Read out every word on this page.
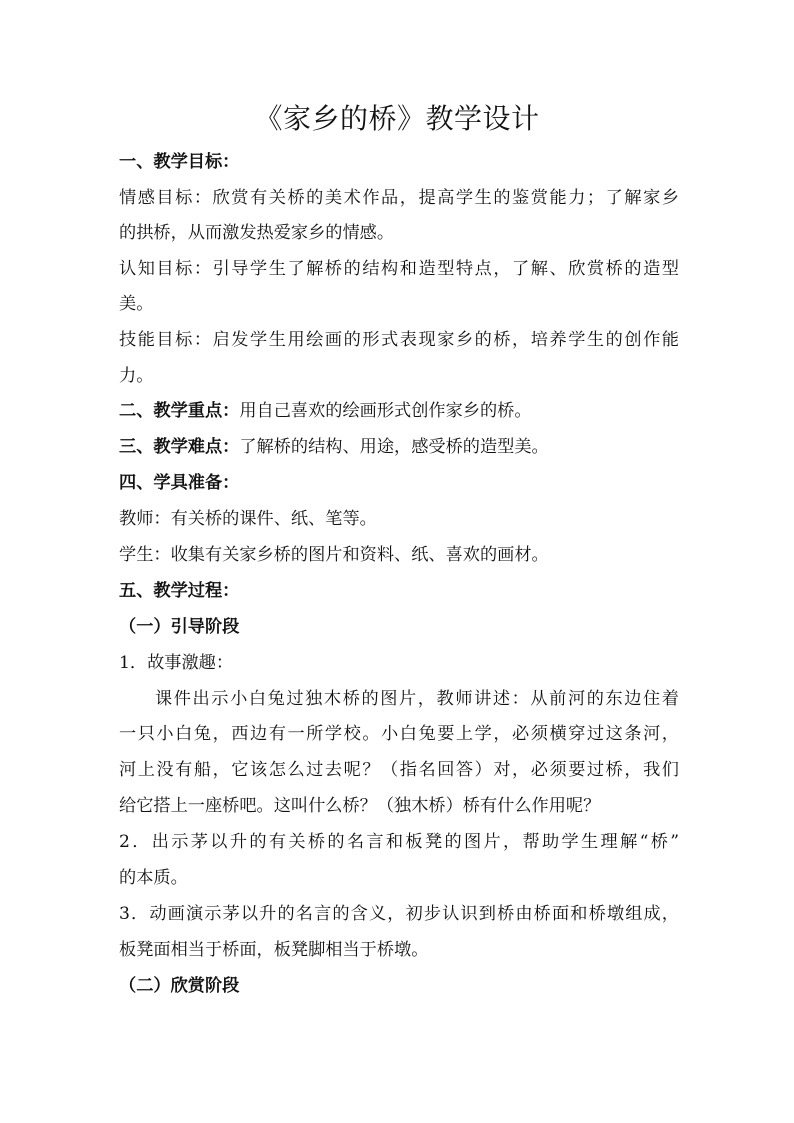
《家乡的桥》教学设计
一、教学目标：
情感目标：欣赏有关桥的美术作品，提高学生的鉴赏能力；了解家乡
的拱桥，从而激发热爱家乡的情感。
认知目标：引导学生了解桥的结构和造型特点，了解、欣赏桥的造型
美。
技能目标：启发学生用绘画的形式表现家乡的桥，培养学生的创作能
力。
二、教学重点：用自己喜欢的绘画形式创作家乡的桥。
三、教学难点：了解桥的结构、用途，感受桥的造型美。
四、学具准备：
教师：有关桥的课件、纸、笔等。
学生：收集有关家乡桥的图片和资料、纸、喜欢的画材。
五、教学过程：
（一）引导阶段
1．故事激趣：
课件出示小白兔过独木桥的图片，教师讲述：从前河的东边住着
一只小白兔，西边有一所学校。小白兔要上学，必须横穿过这条河，
河上没有船，它该怎么过去呢？（指名回答）对，必须要过桥，我们
给它搭上一座桥吧。这叫什么桥？（独木桥）桥有什么作用呢？
2．出示茅以升的有关桥的名言和板凳的图片，帮助学生理解“桥”
的本质。
3．动画演示茅以升的名言的含义，初步认识到桥由桥面和桥墩组成，
板凳面相当于桥面，板凳脚相当于桥墩。
（二）欣赏阶段
